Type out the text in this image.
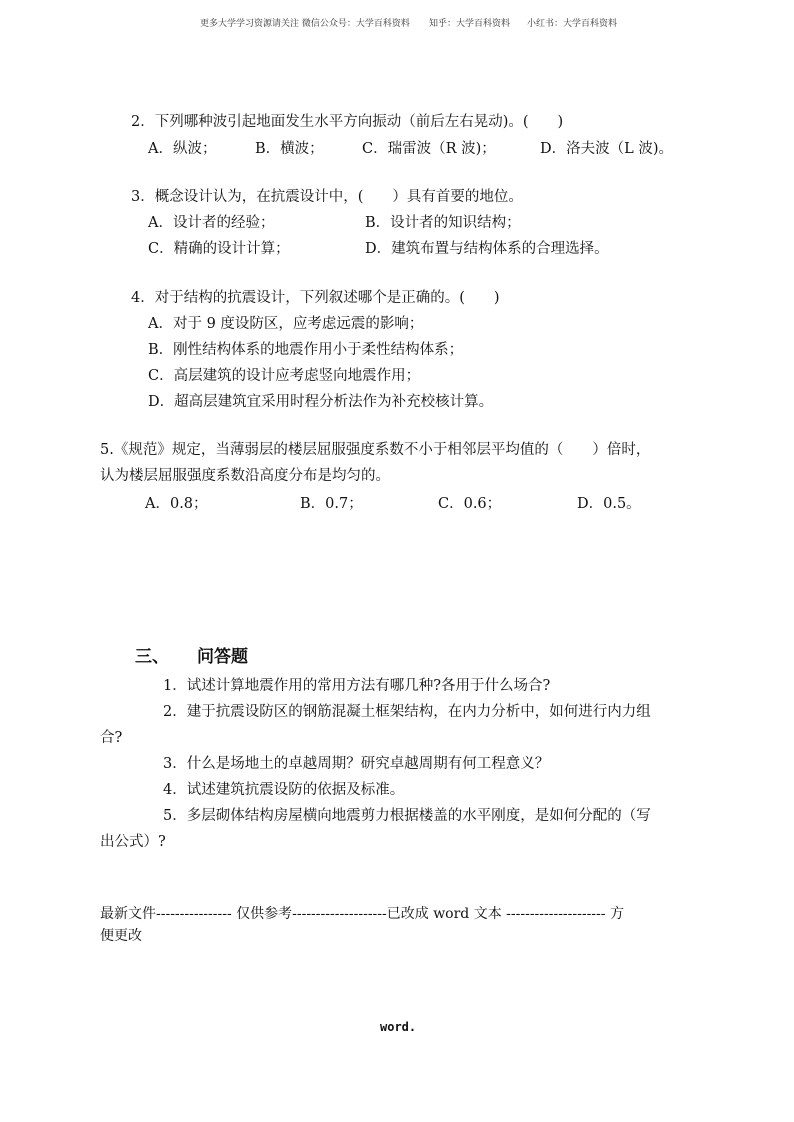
更多大学学习资源请关注 微信公众号：大学百科资料 知乎：大学百科资料 小红书：大学百科资料
2．下列哪种波引起地面发生水平方向振动（前后左右晃动)。(　　)
A．纵波；	B．横波；	C．瑞雷波（R 波)；	D．洛夫波（L 波)。
3．概念设计认为，在抗震设计中，(　　）具有首要的地位。
A．设计者的经验；	B．设计者的知识结构；
C．精确的设计计算；	D．建筑布置与结构体系的合理选择。
4．对于结构的抗震设计，下列叙述哪个是正确的。(　　)
A．对于 9 度设防区，应考虑远震的影响；
B．刚性结构体系的地震作用小于柔性结构体系；
C．高层建筑的设计应考虑竖向地震作用；
D．超高层建筑宜采用时程分析法作为补充校核计算。
5.《规范》规定，当薄弱层的楼层屈服强度系数不小于相邻层平均值的（　　）倍时，
认为楼层屈服强度系数沿高度分布是均匀的。
A．0.8；	B．0.7；	C．0.6；	D．0.5。
三、 问答题
1．试述计算地震作用的常用方法有哪几种?各用于什么场合?
2．建于抗震设防区的钢筋混凝土框架结构，在内力分析中，如何进行内力组
合?
3．什么是场地土的卓越周期？研究卓越周期有何工程意义？
4．试述建筑抗震设防的依据及标准。
5．多层砌体结构房屋横向地震剪力根据楼盖的水平刚度，是如何分配的（写
出公式）?
最新文件---------------- 仅供参考--------------------已改成 word 文本 --------------------- 方
便更改
word.
